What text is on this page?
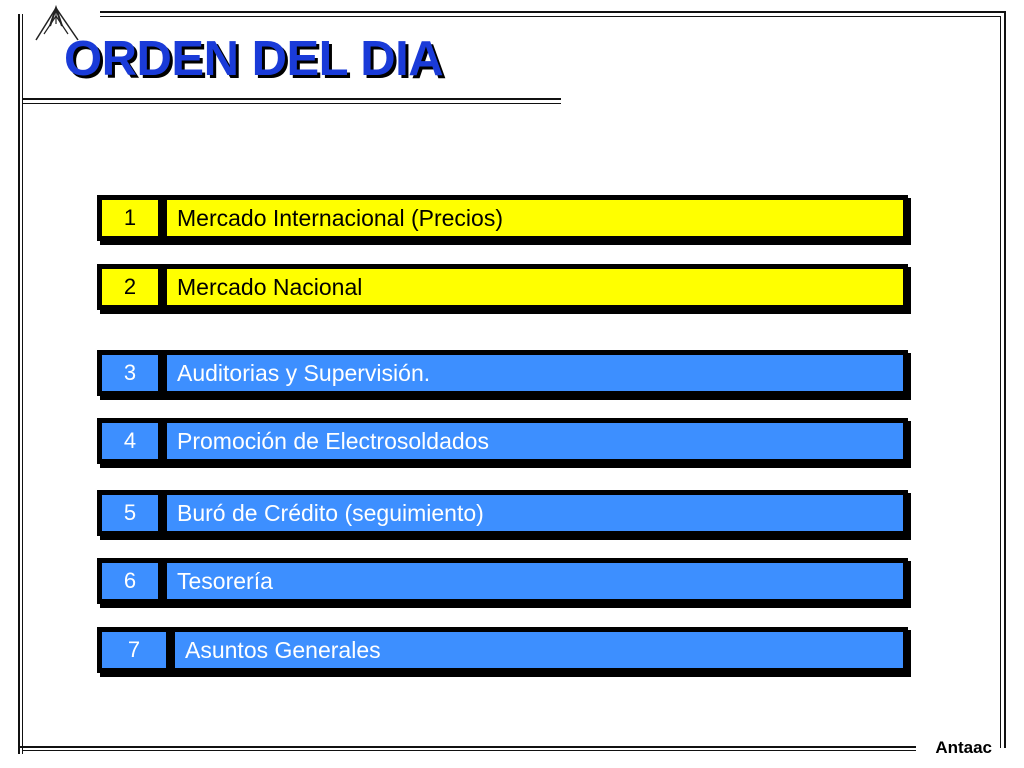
ORDEN DEL DIA
1	Mercado Internacional (Precios)
2	Mercado Nacional
3	Auditorias y Supervisión.
4	Promoción de Electrosoldados
5	Buró de Crédito (seguimiento)
6	Tesorería
7	Asuntos Generales

Antaac
